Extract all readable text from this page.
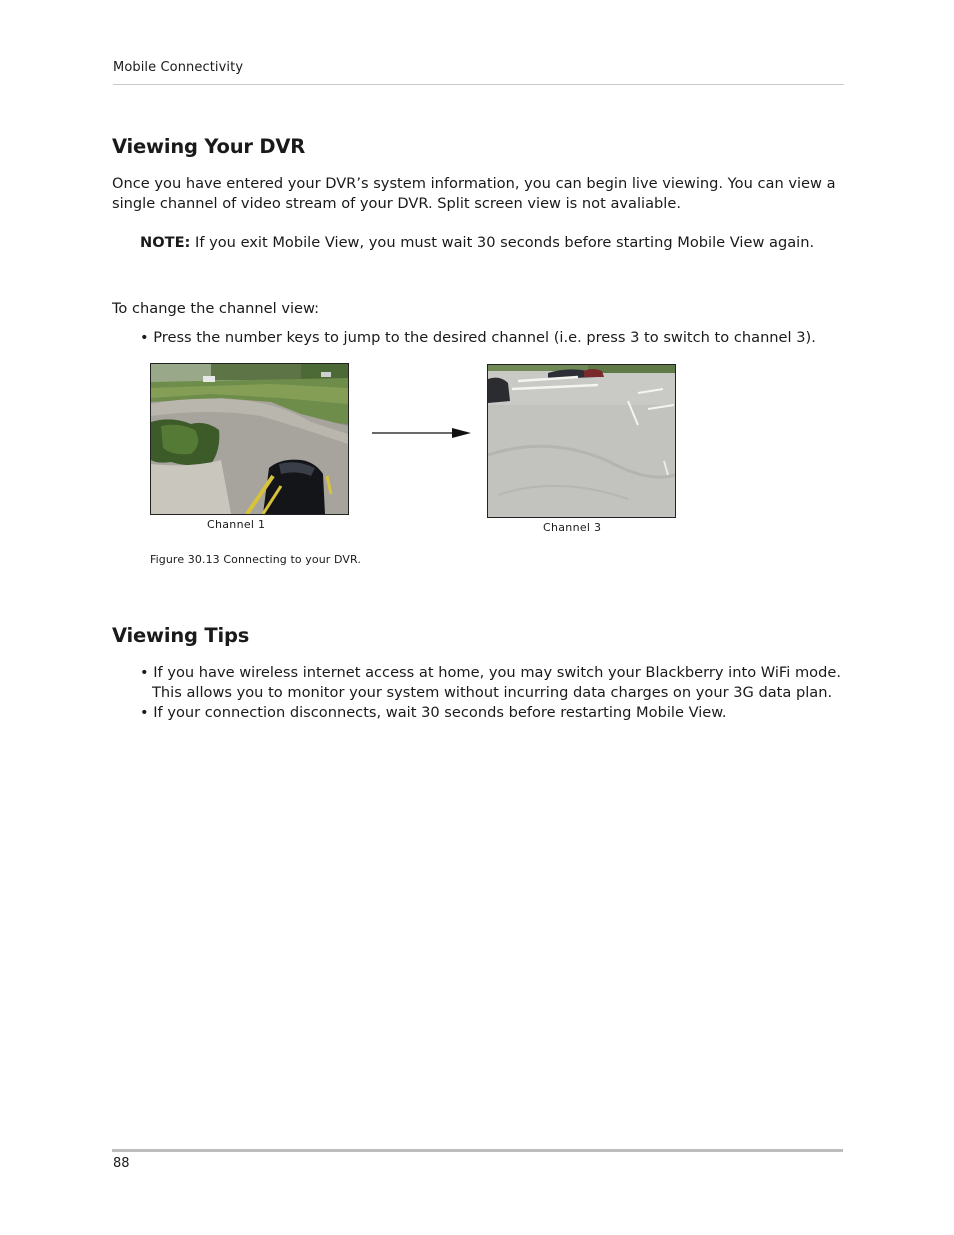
Mobile Connectivity
Viewing Your DVR

Once you have entered your DVR’s system information, you can begin live viewing. You can view a single channel of video stream of your DVR. Split screen view is not avaliable.

NOTE: If you exit Mobile View, you must wait 30 seconds before starting Mobile View again.

To change the channel view:

• Press the number keys to jump to the desired channel (i.e. press 3 to switch to channel 3).
Channel 1	Channel 3
Figure 30.13 Connecting to your DVR.
Viewing Tips
• If you have wireless internet access at home, you may switch your Blackberry into WiFi mode. This allows you to monitor your system without incurring data charges on your 3G data plan.
• If your connection disconnects, wait 30 seconds before restarting Mobile View.
88
